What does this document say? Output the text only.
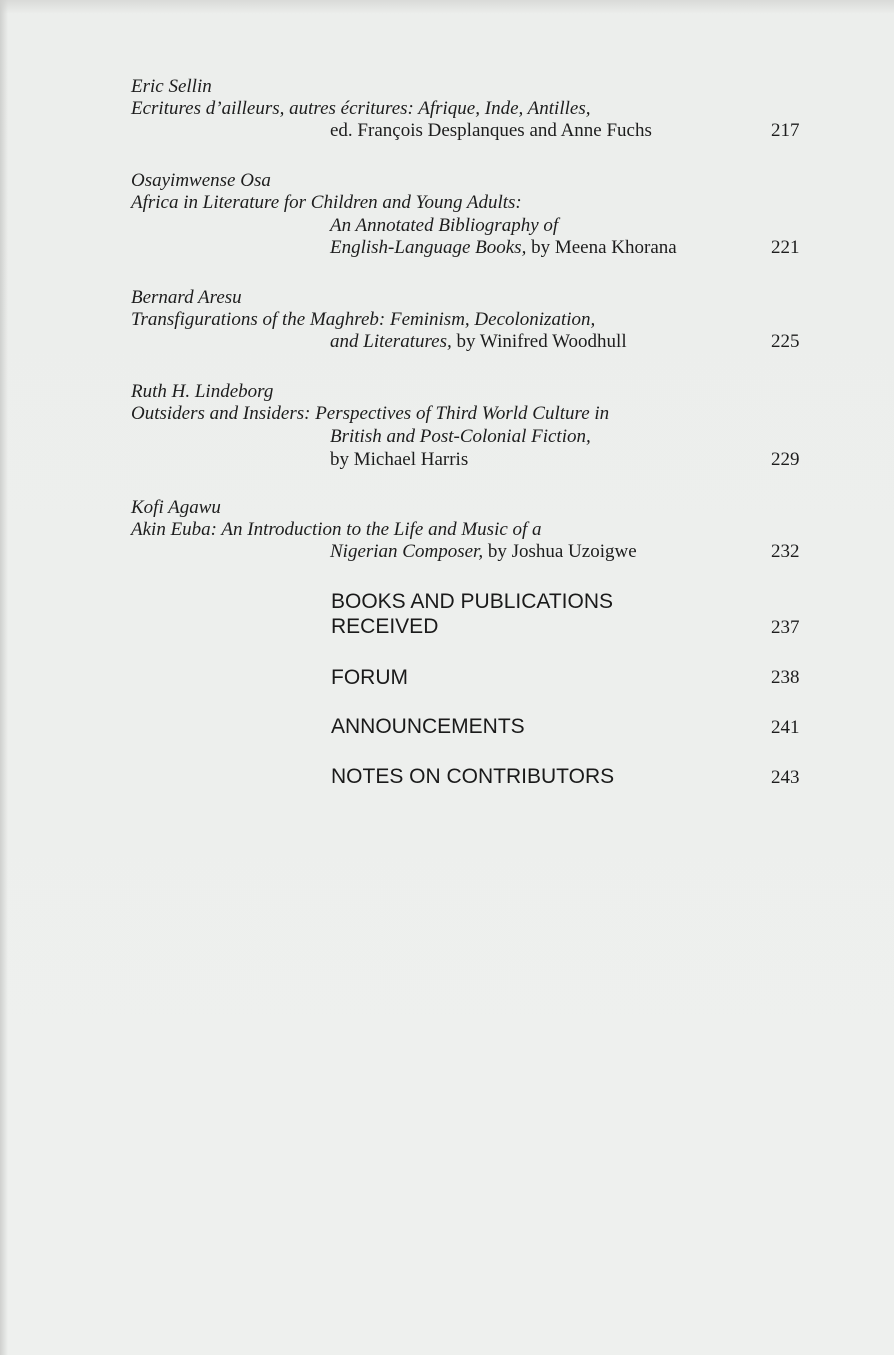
Eric Sellin
Ecritures d’ailleurs, autres écritures: Afrique, Inde, Antilles,
ed. François Desplanques and Anne Fuchs	217
Osayimwense Osa
Africa in Literature for Children and Young Adults:
An Annotated Bibliography of
English-Language Books, by Meena Khorana	221
Bernard Aresu
Transfigurations of the Maghreb: Feminism, Decolonization,
and Literatures, by Winifred Woodhull	225
Ruth H. Lindeborg
Outsiders and Insiders: Perspectives of Third World Culture in
British and Post-Colonial Fiction,
by Michael Harris	229
Kofi Agawu
Akin Euba: An Introduction to the Life and Music of a
Nigerian Composer, by Joshua Uzoigwe	232
BOOKS AND PUBLICATIONS
RECEIVED	237
FORUM	238
ANNOUNCEMENTS	241
NOTES ON CONTRIBUTORS	243
